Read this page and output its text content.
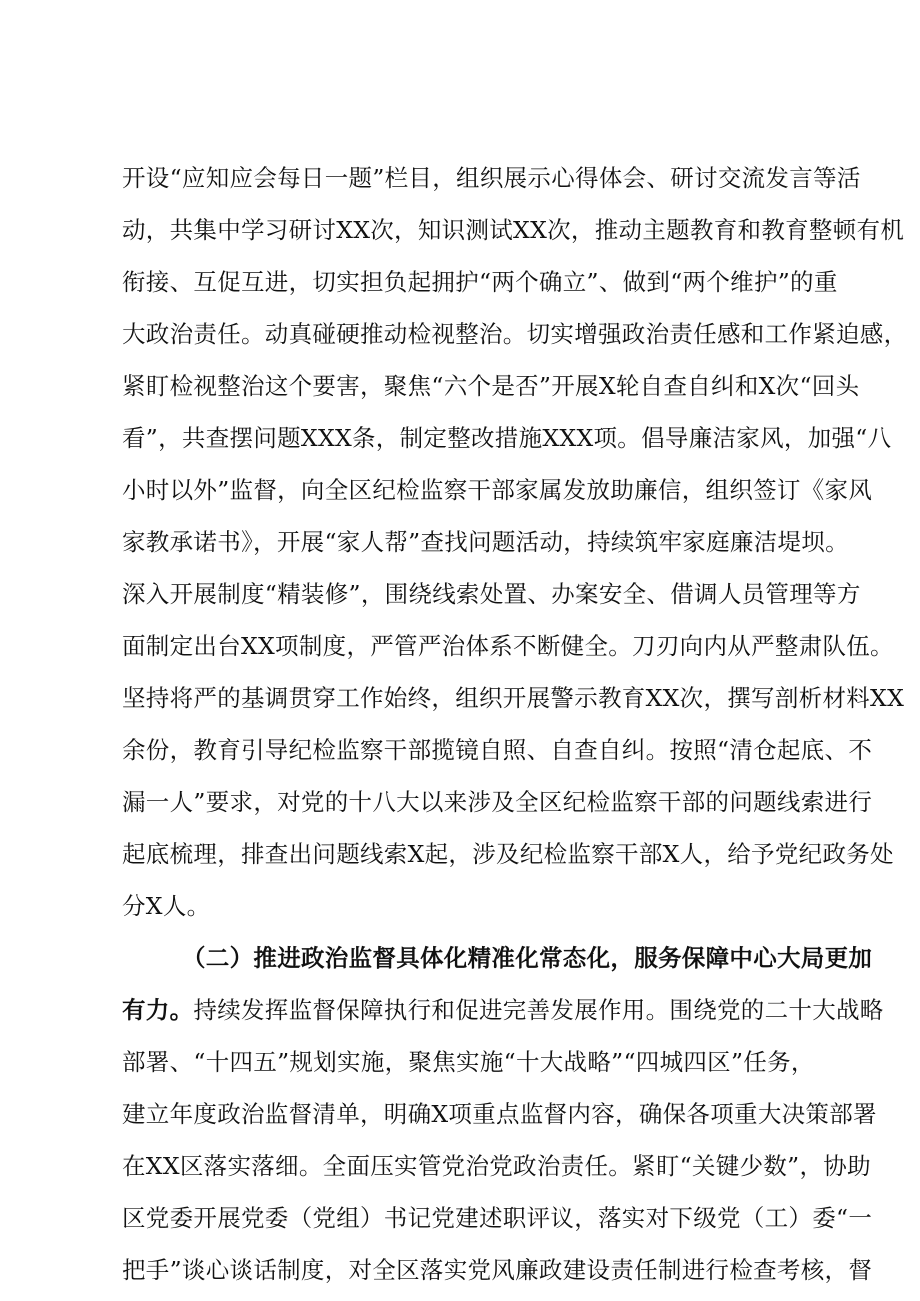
开设“应知应会每日一题”栏目，组织展示心得体会、研讨交流发言等活
动，共集中学习研讨XX次，知识测试XX次，推动主题教育和教育整顿有机
衔接、互促互进，切实担负起拥护“两个确立”、做到“两个维护”的重
大政治责任。动真碰硬推动检视整治。切实增强政治责任感和工作紧迫感，
紧盯检视整治这个要害，聚焦“六个是否”开展X轮自查自纠和X次“回头
看”，共查摆问题XXX条，制定整改措施XXX项。倡导廉洁家风，加强“八
小时以外”监督，向全区纪检监察干部家属发放助廉信，组织签订《家风
家教承诺书》，开展“家人帮”查找问题活动，持续筑牢家庭廉洁堤坝。
深入开展制度“精装修”，围绕线索处置、办案安全、借调人员管理等方
面制定出台XX项制度，严管严治体系不断健全。刀刃向内从严整肃队伍。
坚持将严的基调贯穿工作始终，组织开展警示教育XX次，撰写剖析材料XX
余份，教育引导纪检监察干部揽镜自照、自查自纠。按照“清仓起底、不
漏一人”要求，对党的十八大以来涉及全区纪检监察干部的问题线索进行
起底梳理，排查出问题线索X起，涉及纪检监察干部X人，给予党纪政务处
分X人。
（二）推进政治监督具体化精准化常态化，服务保障中心大局更加
有力。持续发挥监督保障执行和促进完善发展作用。围绕党的二十大战略
部署、“十四五”规划实施，聚焦实施“十大战略”“四城四区”任务，
建立年度政治监督清单，明确X项重点监督内容，确保各项重大决策部署
在XX区落实落细。全面压实管党治党政治责任。紧盯“关键少数”，协助
区党委开展党委（党组）书记党建述职评议，落实对下级党（工）委“一
把手”谈心谈话制度，对全区落实党风廉政建设责任制进行检查考核，督
